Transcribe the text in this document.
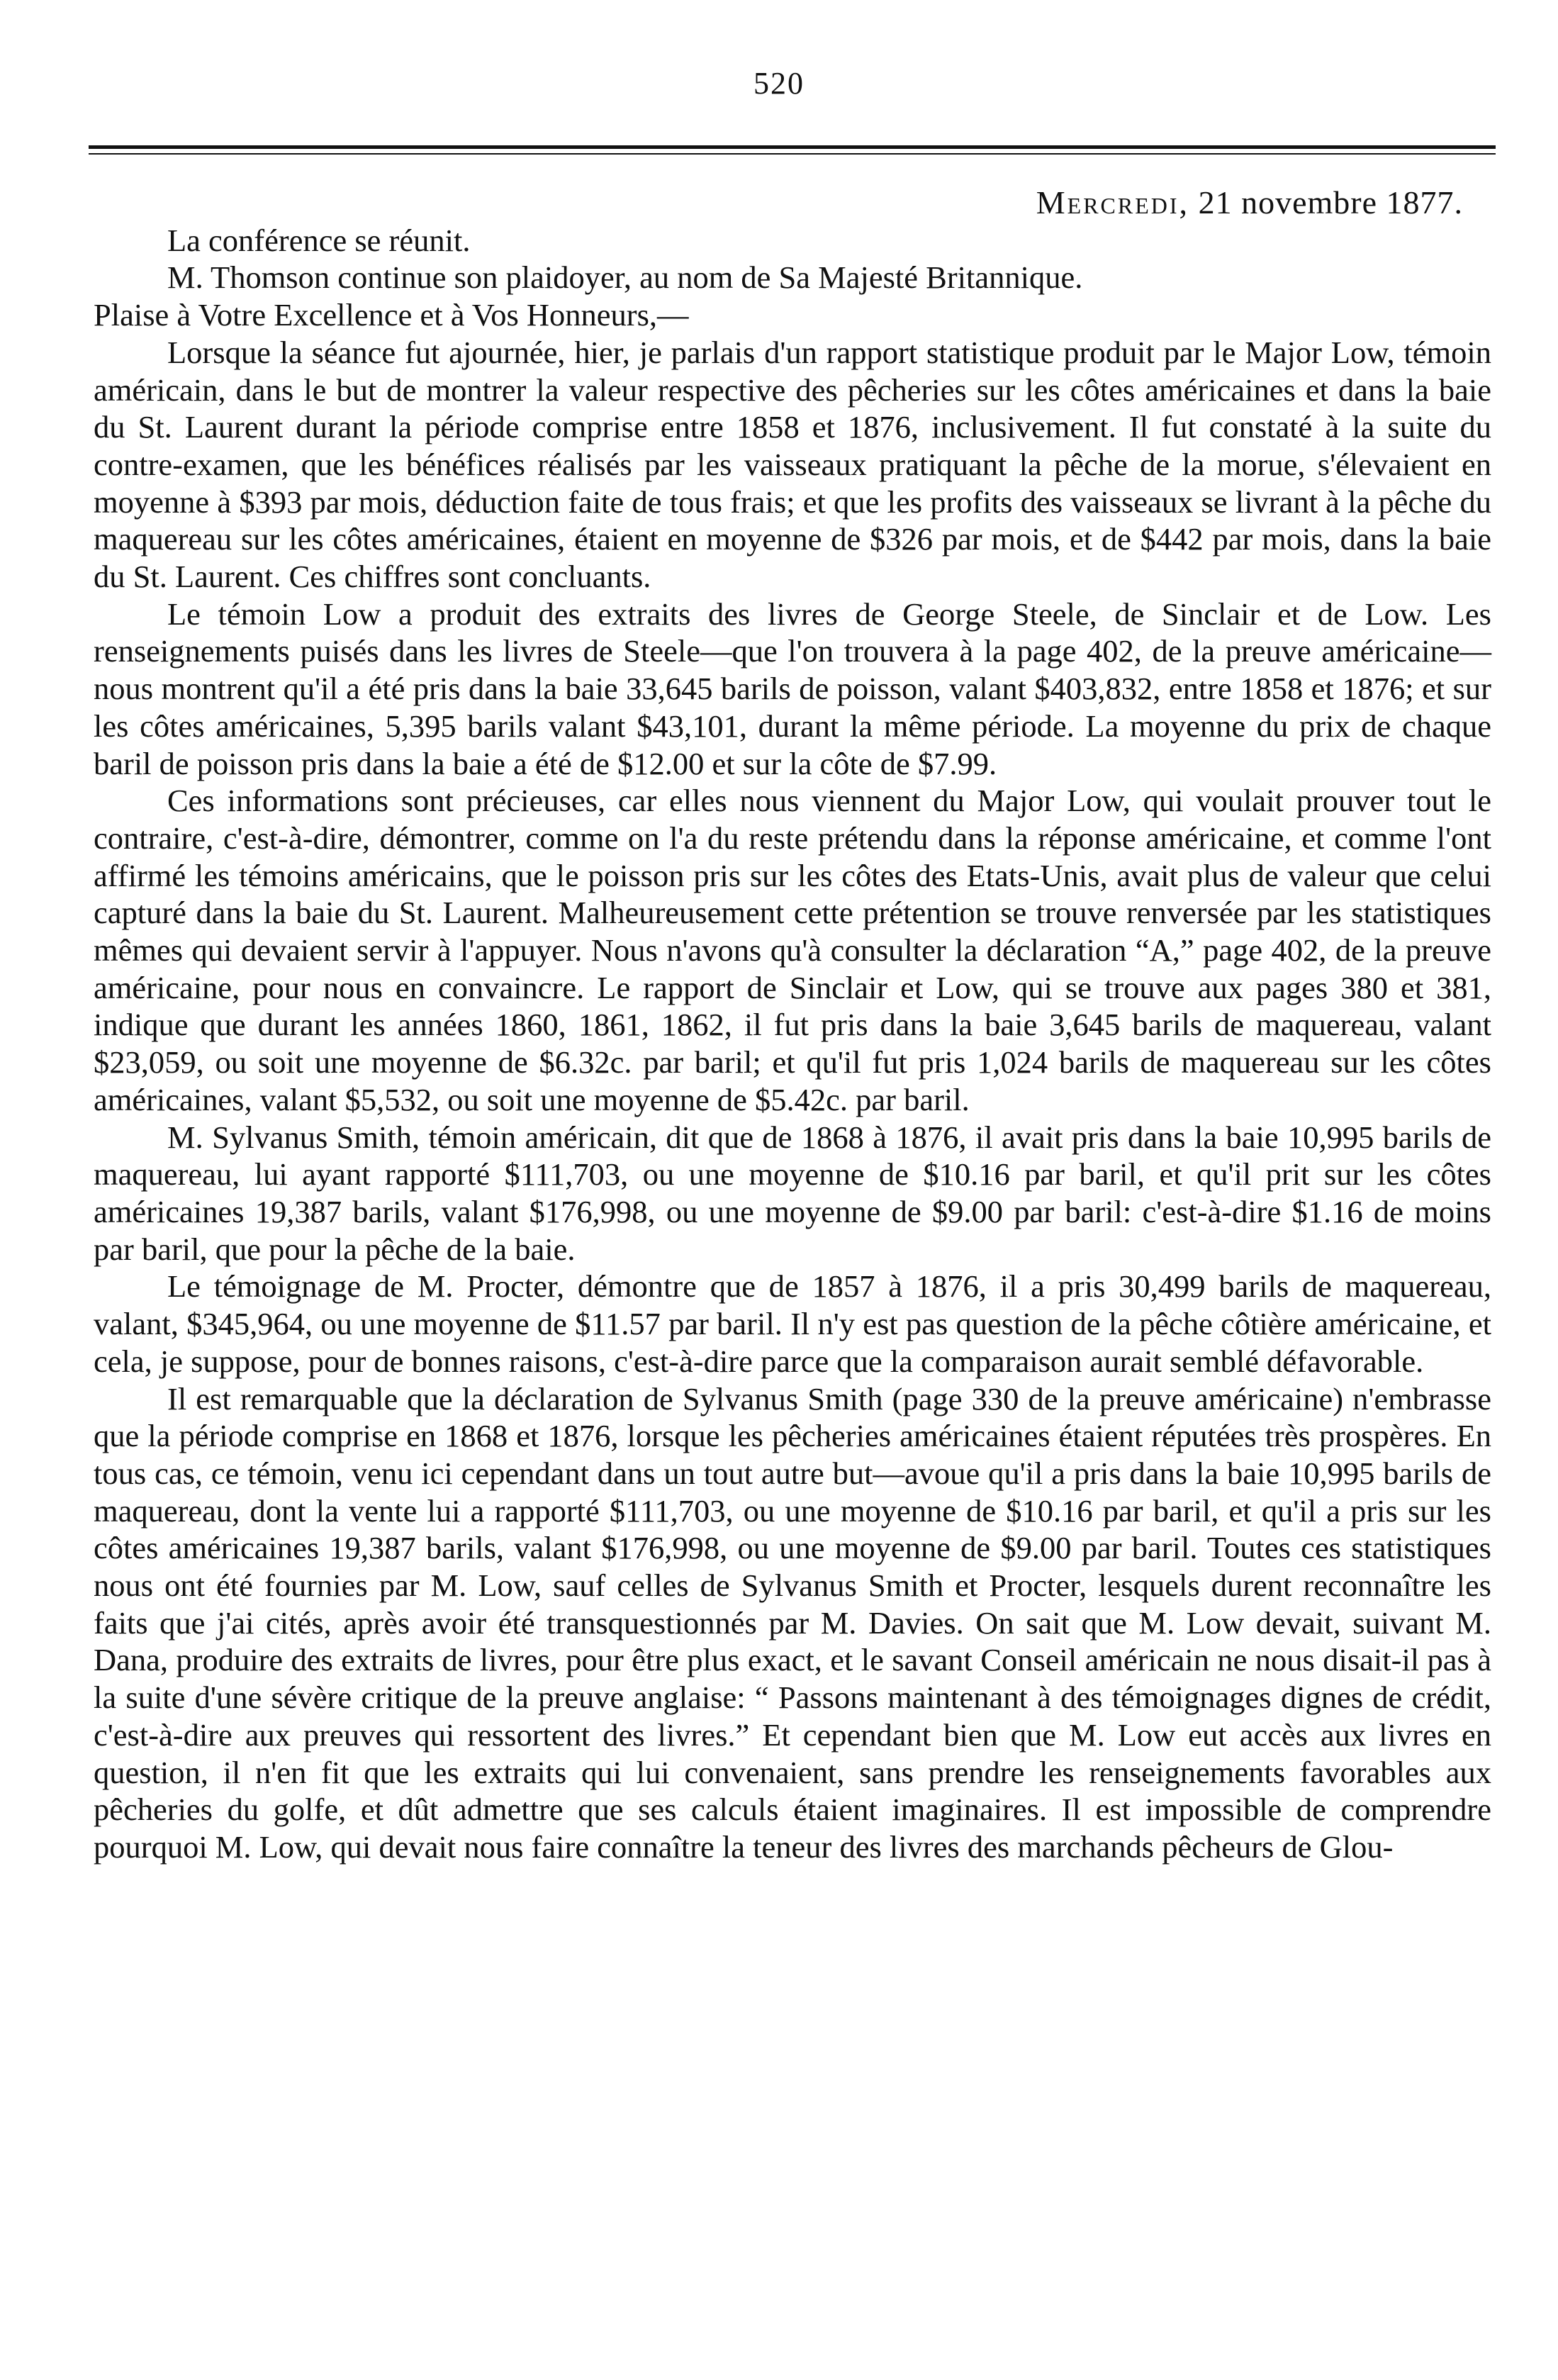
520
Mercredi, 21 novembre 1877.

La conférence se réunit.

M. Thomson continue son plaidoyer, au nom de Sa Majesté Britannique.

Plaise à Votre Excellence et à Vos Honneurs,—

Lorsque la séance fut ajournée, hier, je parlais d'un rapport statistique produit par le Major Low, témoin américain, dans le but de montrer la valeur respective des pêcheries sur les côtes américaines et dans la baie du St. Laurent durant la période comprise entre 1858 et 1876, inclusivement. Il fut constaté à la suite du contre-examen, que les bénéfices réalisés par les vaisseaux pratiquant la pêche de la morue, s'élevaient en moyenne à $393 par mois, déduction faite de tous frais; et que les profits des vaisseaux se livrant à la pêche du maquereau sur les côtes américaines, étaient en moyenne de $326 par mois, et de $442 par mois, dans la baie du St. Laurent. Ces chiffres sont concluants.

Le témoin Low a produit des extraits des livres de George Steele, de Sinclair et de Low. Les renseignements puisés dans les livres de Steele—que l'on trouvera à la page 402, de la preuve américaine—nous montrent qu'il a été pris dans la baie 33,645 barils de poisson, valant $403,832, entre 1858 et 1876; et sur les côtes américaines, 5,395 barils valant $43,101, durant la même période. La moyenne du prix de chaque baril de poisson pris dans la baie a été de $12.00 et sur la côte de $7.99.

Ces informations sont précieuses, car elles nous viennent du Major Low, qui voulait prouver tout le contraire, c'est-à-dire, démontrer, comme on l'a du reste prétendu dans la réponse américaine, et comme l'ont affirmé les témoins américains, que le poisson pris sur les côtes des Etats-Unis, avait plus de valeur que celui capturé dans la baie du St. Laurent. Malheureusement cette prétention se trouve renversée par les statistiques mêmes qui devaient servir à l'appuyer. Nous n'avons qu'à consulter la déclaration “A,” page 402, de la preuve américaine, pour nous en convaincre. Le rapport de Sinclair et Low, qui se trouve aux pages 380 et 381, indique que durant les années 1860, 1861, 1862, il fut pris dans la baie 3,645 barils de maquereau, valant $23,059, ou soit une moyenne de $6.32c. par baril; et qu'il fut pris 1,024 barils de maquereau sur les côtes américaines, valant $5,532, ou soit une moyenne de $5.42c. par baril.

M. Sylvanus Smith, témoin américain, dit que de 1868 à 1876, il avait pris dans la baie 10,995 barils de maquereau, lui ayant rapporté $111,703, ou une moyenne de $10.16 par baril, et qu'il prit sur les côtes américaines 19,387 barils, valant $176,998, ou une moyenne de $9.00 par baril: c'est-à-dire $1.16 de moins par baril, que pour la pêche de la baie.

Le témoignage de M. Procter, démontre que de 1857 à 1876, il a pris 30,499 barils de maquereau, valant, $345,964, ou une moyenne de $11.57 par baril. Il n'y est pas question de la pêche côtière américaine, et cela, je suppose, pour de bonnes raisons, c'est-à-dire parce que la comparaison aurait semblé défavorable.

Il est remarquable que la déclaration de Sylvanus Smith (page 330 de la preuve américaine) n'embrasse que la période comprise en 1868 et 1876, lorsque les pêcheries américaines étaient réputées très prospères. En tous cas, ce témoin, venu ici cependant dans un tout autre but—avoue qu'il a pris dans la baie 10,995 barils de maquereau, dont la vente lui a rapporté $111,703, ou une moyenne de $10.16 par baril, et qu'il a pris sur les côtes américaines 19,387 barils, valant $176,998, ou une moyenne de $9.00 par baril. Toutes ces statistiques nous ont été fournies par M. Low, sauf celles de Sylvanus Smith et Procter, lesquels durent reconnaître les faits que j'ai cités, après avoir été transquestionnés par M. Davies. On sait que M. Low devait, suivant M. Dana, produire des extraits de livres, pour être plus exact, et le savant Conseil américain ne nous disait-il pas à la suite d'une sévère critique de la preuve anglaise: “ Passons maintenant à des témoignages dignes de crédit, c'est-à-dire aux preuves qui ressortent des livres.” Et cependant bien que M. Low eut accès aux livres en question, il n'en fit que les extraits qui lui convenaient, sans prendre les renseignements favorables aux pêcheries du golfe, et dût admettre que ses calculs étaient imaginaires. Il est impossible de comprendre pourquoi M. Low, qui devait nous faire connaître la teneur des livres des marchands pêcheurs de Glou-
